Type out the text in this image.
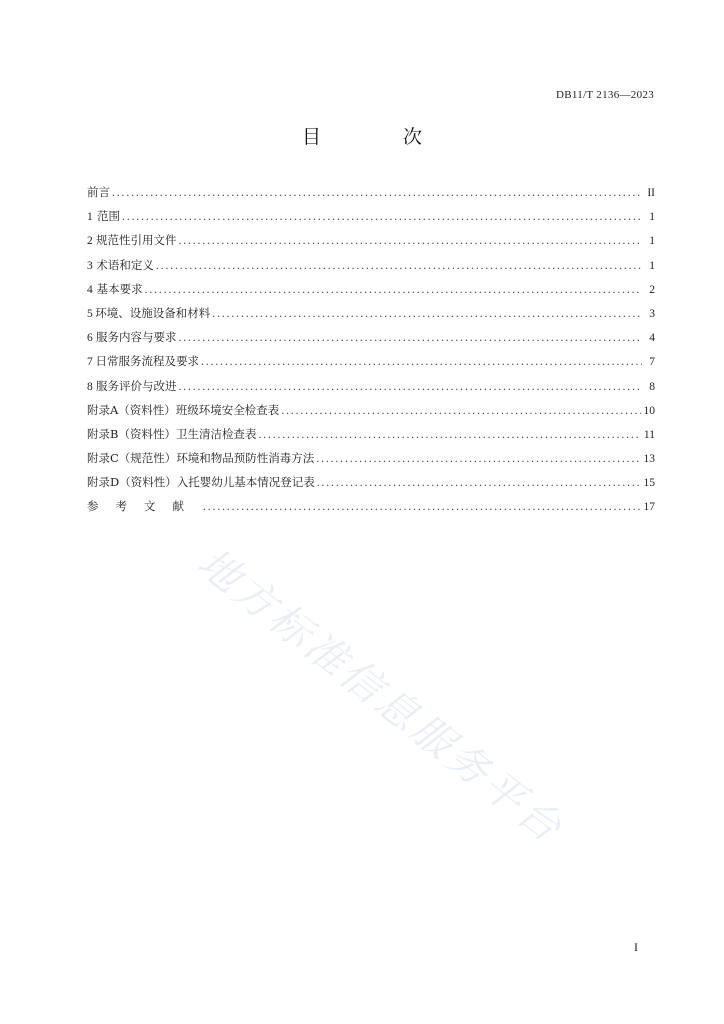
DB11/T 2136—2023
目 次
前言 .....	II
1 范围 .....	1
2 规范性引用文件 .....	1
3 术语和定义 .....	1
4 基本要求 .....	2
5 环境、设施设备和材料 .....	3
6 服务内容与要求 .....	4
7 日常服务流程及要求 .....	7
8 服务评价与改进 .....	8
附录A（资料性） 班级环境安全检查表 .....	10
附录B（资料性） 卫生清洁检查表 .....	11
附录C（规范性） 环境和物品预防性消毒方法 .....	13
附录D（资料性） 入托婴幼儿基本情况登记表 .....	15
参考文献 .....	17
地方标准信息服务平台
I
